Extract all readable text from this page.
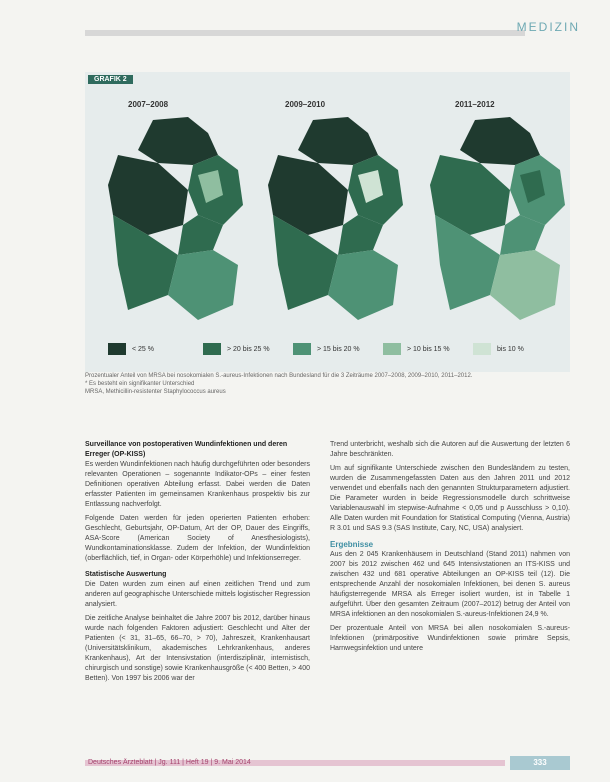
MEDIZIN
GRAFIK 2
2007–2008	2009–2010	2011–2012
< 25 %	> 20 bis 25 %	> 15 bis 20 %	> 10 bis 15 %	bis 10 %
Prozentualer Anteil von MRSA bei nosokomialen S.-aureus-Infektionen nach Bundesland für die 3 Zeiträume 2007–2008, 2009–2010, 2011–2012.
* Es besteht ein signifikanter Unterschied
MRSA, Methicillin-resistenter Staphylococcus aureus
Surveillance von postoperativen Wundinfektionen und deren Erreger (OP-KISS)

Es werden Wundinfektionen nach häufig durchgeführten oder besonders relevanten Operationen – sogenannte Indikator-OPs – einer festen Definitionen operativen Abteilung erfasst. Dabei werden die Daten erfasster Patienten im gemeinsamen Krankenhaus prospektiv bis zur Entlassung nachverfolgt.

Folgende Daten werden für jeden operierten Patienten erhoben: Geschlecht, Geburtsjahr, OP-Datum, Art der OP, Dauer des Eingriffs, ASA-Score (American Society of Anesthesiologists), Wundkontaminationsklasse. Zudem der Infektion, der Wundinfektion (oberflächlich, tief, in Organ- oder Körperhöhle) und Infektionserreger.

Statistische Auswertung

Die Daten wurden zum einen auf einen zeitlichen Trend und zum anderen auf geographische Unterschiede mittels logistischer Regression analysiert.

Die zeitliche Analyse beinhaltet die Jahre 2007 bis 2012, darüber hinaus wurde nach folgenden Faktoren adjustiert: Geschlecht und Alter der Patienten (< 31, 31–65, 66–70, > 70), Jahreszeit, Krankenhausart (Universitätsklinikum, akademisches Lehrkrankenhaus, anderes Krankenhaus), Art der Intensivstation (interdisziplinär, internistisch, chirurgisch und sonstige) sowie Krankenhausgröße (< 400 Betten, > 400 Betten). Von 1997 bis 2006 war der

Trend unterbricht, weshalb sich die Autoren auf die Auswertung der letzten 6 Jahre beschränkten.

Um auf signifikante Unterschiede zwischen den Bundesländern zu testen, wurden die Zusammengefassten Daten aus den Jahren 2011 und 2012 verwendet und ebenfalls nach den genannten Strukturparametern adjustiert. Die Parameter wurden in beide Regressionsmodelle durch schrittweise Variablenauswahl im stepwise-Aufnahme < 0,05 und p Ausschluss > 0,10). Alle Daten wurden mit Foundation for Statistical Computing (Vienna, Austria) R 3.01 und SAS 9.3 (SAS Institute, Cary, NC, USA) analysiert.

Ergebnisse

Aus den 2 045 Krankenhäusern in Deutschland (Stand 2011) nahmen von 2007 bis 2012 zwischen 462 und 645 Intensivstationen an ITS-KISS und zwischen 432 und 681 operative Abteilungen an OP-KISS teil (12). Die entsprechende Anzahl der nosokomialen Infektionen, bei denen S. aureus häufigsterregende MRSA als Erreger isoliert wurden, ist in Tabelle 1 aufgeführt. Über den gesamten Zeitraum (2007–2012) betrug der Anteil von MRSA infektionen an den nosokomialen S.-aureus-Infektionen 24,9 %.

Der prozentuale Anteil von MRSA bei allen nosokomialen S.-aureus-Infektionen (primärpositive Wundinfektionen sowie primäre Sepsis, Harnwegsinfektion und untere

Deutsches Ärzteblatt | Jg. 111 | Heft 19 | 9. Mai 2014	333
